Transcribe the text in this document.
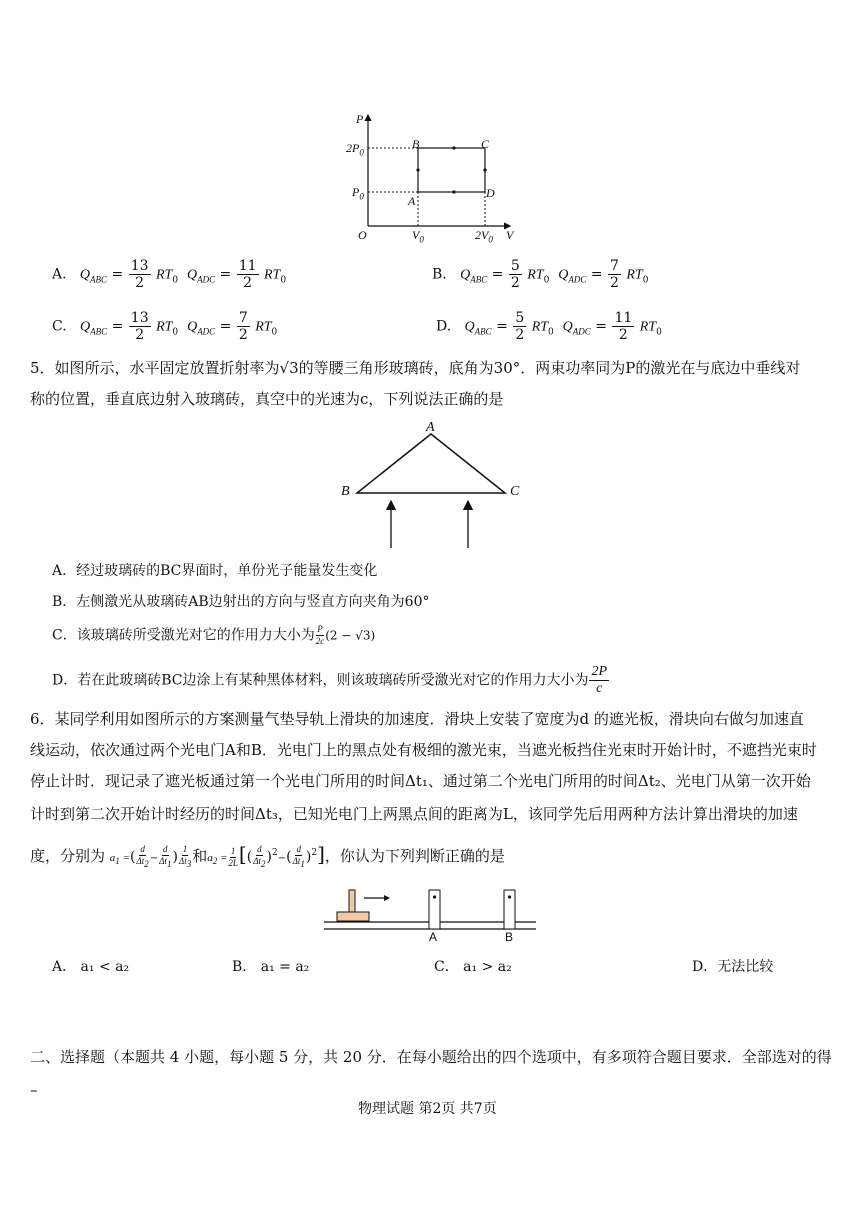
P
V
O
$2P_0$
$P_0$
$V_0$	$2V_0$
A
B	C
D
A. $Q_{ABC} = \frac{13}{2} RT_0$ $Q_{ADC} = \frac{11}{2} RT_0$	B. $Q_{ABC} = \frac{5}{2} RT_0$ $Q_{ADC} = \frac{7}{2} RT_0$
C. $Q_{ABC} = \frac{13}{2} RT_0$ $Q_{ADC} = \frac{7}{2} RT_0$	D. $Q_{ABC} = \frac{5}{2} RT_0$ $Q_{ADC} = \frac{11}{2} RT_0$
5．如图所示，水平固定放置折射率为√3的等腰三角形玻璃砖，底角为30°．两束功率同为P的激光在与底边中垂线对
称的位置，垂直底边射入玻璃砖，真空中的光速为c，下列说法正确的是
A
B	C
A．经过玻璃砖的BC界面时，单份光子能量发生变化
B．左侧激光从玻璃砖AB边射出的方向与竖直方向夹角为60°
C．该玻璃砖所受激光对它的作用力大小为 $\frac{P}{2c} (2 - √3)$
D．若在此玻璃砖BC边涂上有某种黑体材料，则该玻璃砖所受激光对它的作用力大小为 $\frac{2P}{c}$
6．某同学利用如图所示的方案测量气垫导轨上滑块的加速度．滑块上安装了宽度为d 的遮光板，滑块向右做匀加速直
线运动，依次通过两个光电门A和B．光电门上的黑点处有极细的激光束，当遮光板挡住光束时开始计时，不遮挡光束时
停止计时．现记录了遮光板通过第一个光电门所用的时间Δt₁、通过第二个光电门所用的时间Δt₂、光电门从第一次开始
计时到第二次开始计时经历的时间Δt₃，已知光电门上两黑点间的距离为L，该同学先后用两种方法计算出滑块的加速
度，分别为 $a_1$ =( $\frac{d}{\Delta t_2} - \frac{d}{\Delta t_1}$ ) $\frac{1}{\Delta t_3}$ 和$a_2 = \frac{1}{2L}$ [( $\frac{d}{\Delta t_2} )^2-( \frac{d}{\Delta t_1} )^2$]，你认为下列判断正确的是
A	B
A． a₁ < a₂	B． a₁ = a₂	C． a₁ > a₂	D．无法比较
二、选择题（本题共 4 小题，每小题 5 分，共 20 分．在每小题给出的四个选项中，有多项符合题目要求．全部选对的得
–
物理试题 第2页 共7页
